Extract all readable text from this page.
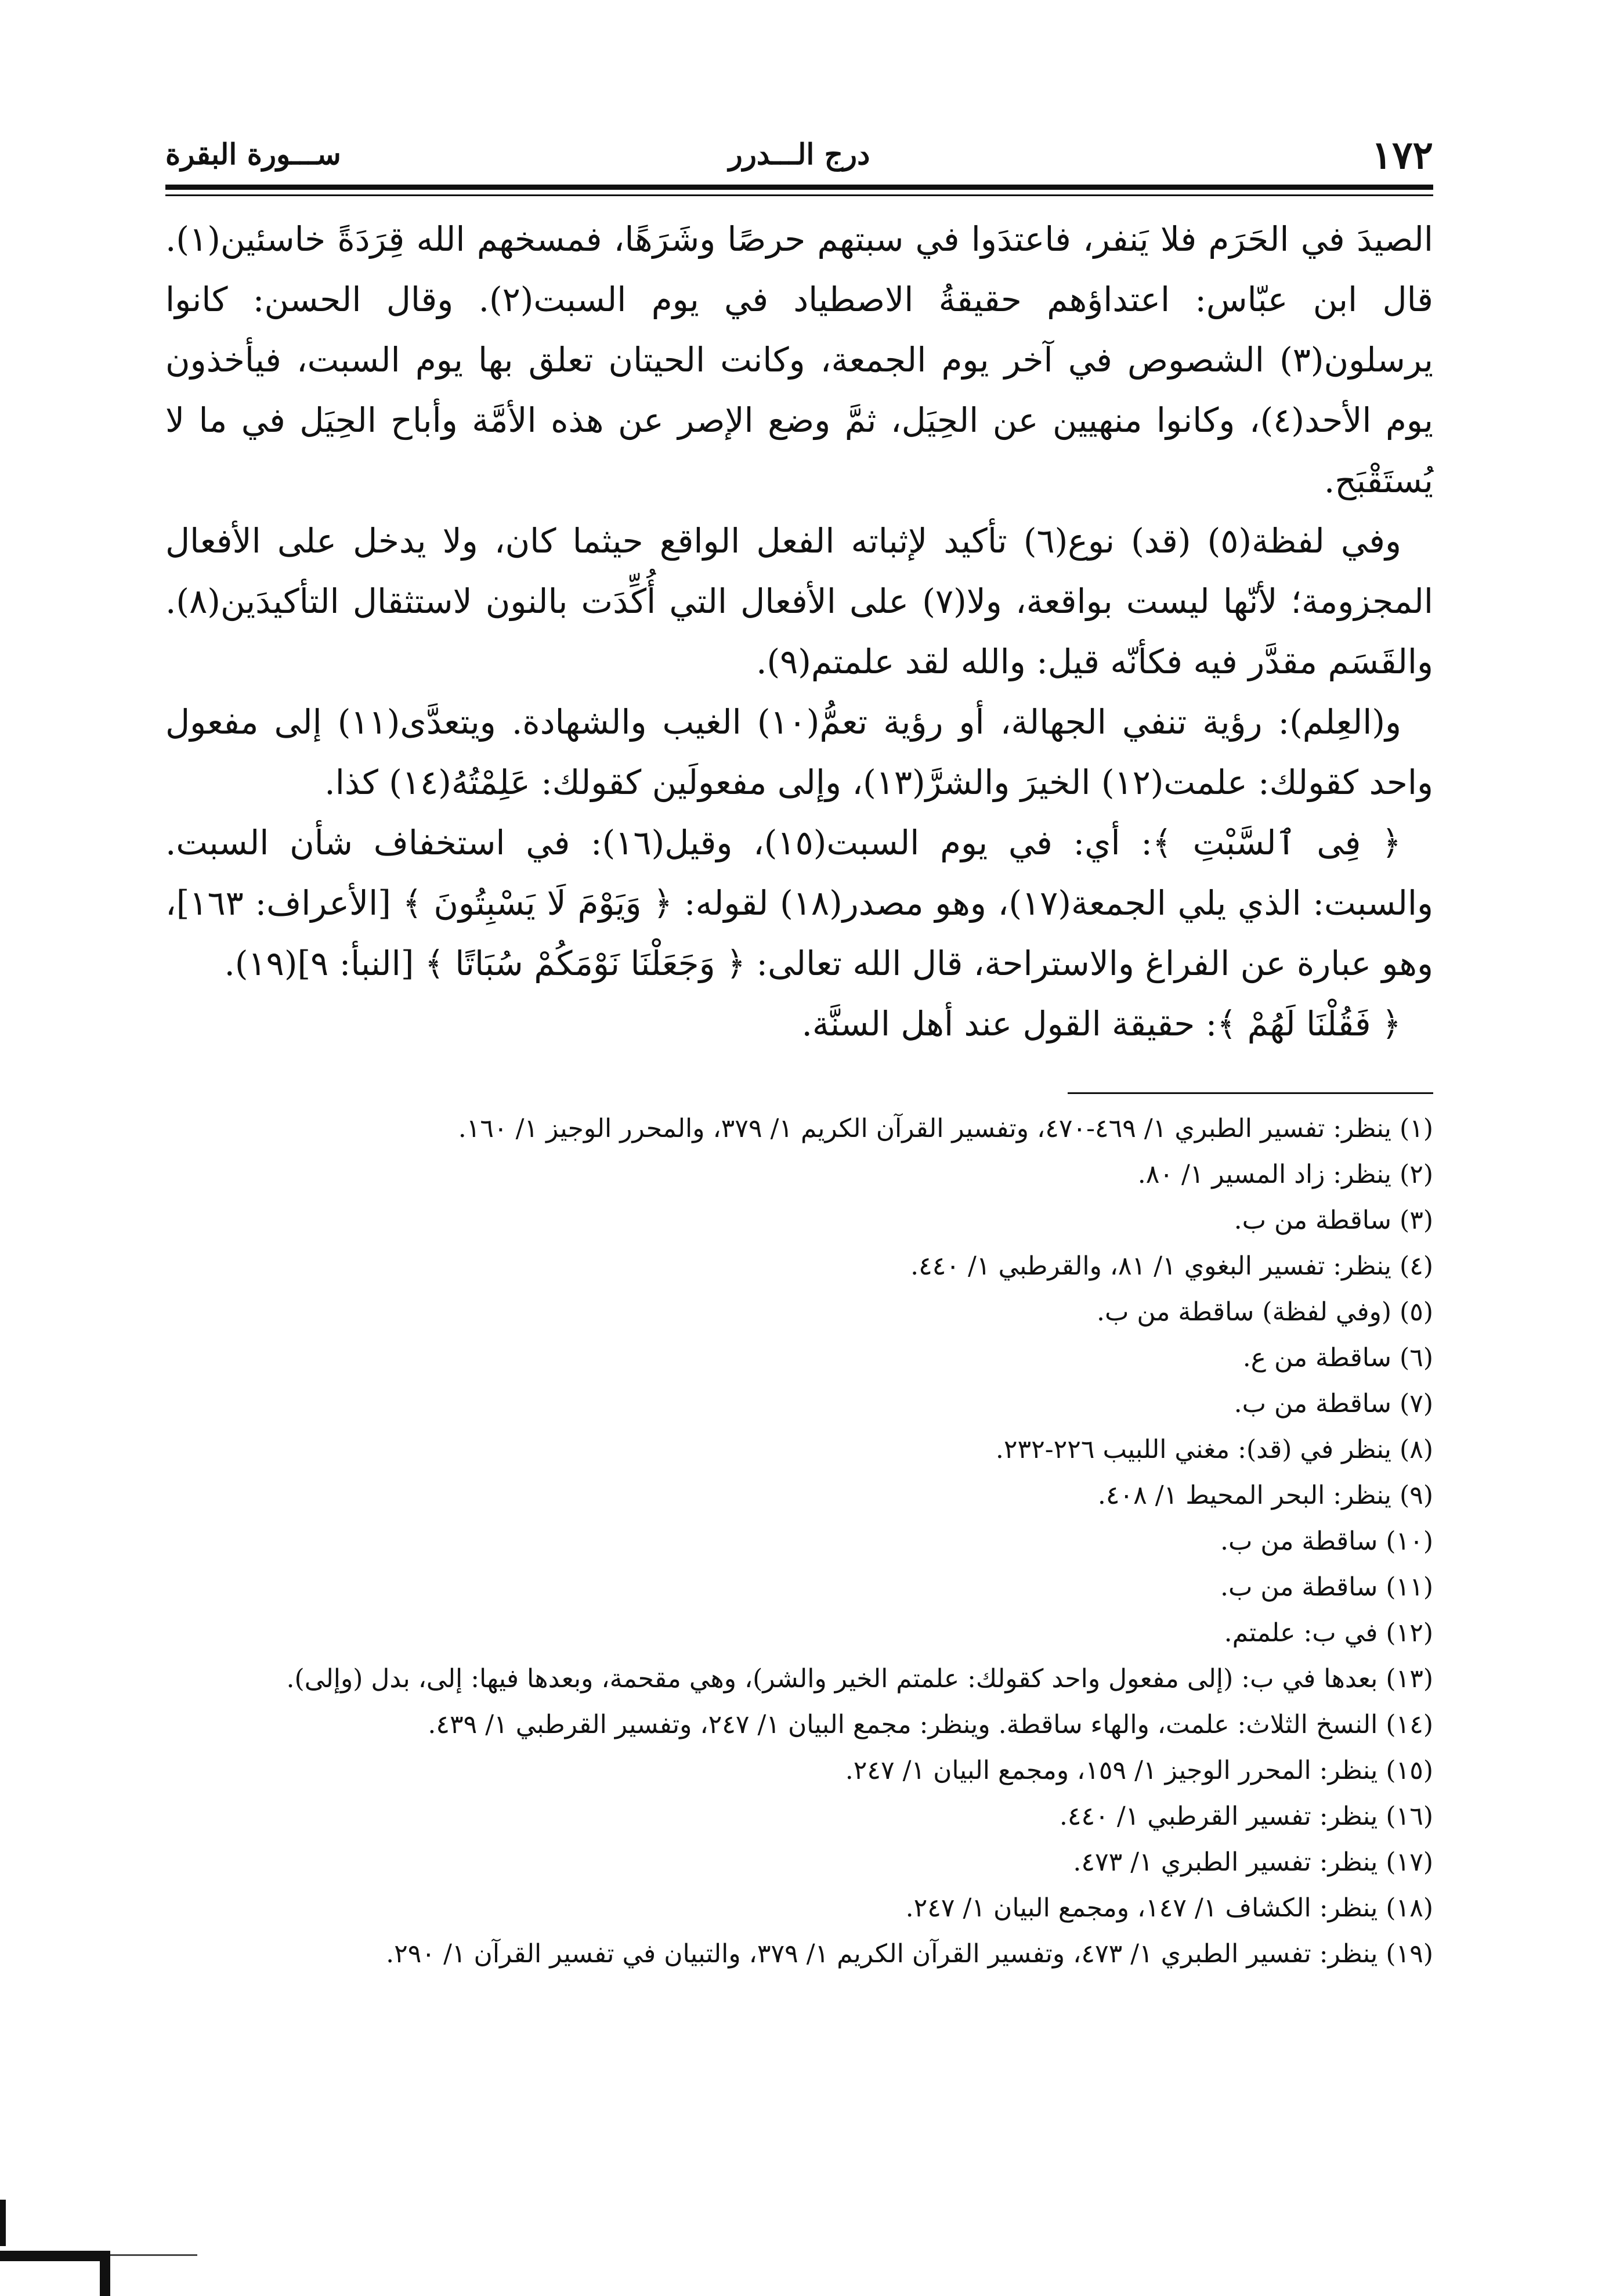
١٧٢
درج الـــدرر
ســـورة البقرة

الصيدَ في الحَرَم فلا يَنفر، فاعتدَوا في سبتهم حرصًا وشَرَهًا، فمسخهم الله قِرَدَةً خاسئين(١). قال ابن عبّاس: اعتداؤهم حقيقةُ الاصطياد في يوم السبت(٢). وقال الحسن: كانوا يرسلون(٣) الشصوص في آخر يوم الجمعة، وكانت الحيتان تعلق بها يوم السبت، فيأخذون يوم الأحد(٤)، وكانوا منهيين عن الحِيَل، ثمَّ وضع الإصر عن هذه الأمَّة وأباح الحِيَل في ما لا يُستَقْبَح.

وفي لفظة(٥) (قد) نوع(٦) تأكيد لإثباته الفعل الواقع حيثما كان، ولا يدخل على الأفعال المجزومة؛ لأنّها ليست بواقعة، ولا(٧) على الأفعال التي أُكِّدَت بالنون لاستثقال التأكيدَين(٨). والقَسَم مقدَّر فيه فكأنّه قيل: والله لقد علمتم(٩).

و(العِلم): رؤية تنفي الجهالة، أو رؤية تعمُّ(١٠) الغيب والشهادة. ويتعدَّى(١١) إلى مفعول واحد كقولك: علمت(١٢) الخيرَ والشرَّ(١٣)، وإلى مفعولَين كقولك: عَلِمْتُهُ(١٤) كذا.

﴿ فِى ٱلسَّبْتِ ﴾: أي: في يوم السبت(١٥)، وقيل(١٦): في استخفاف شأن السبت. والسبت: الذي يلي الجمعة(١٧)، وهو مصدر(١٨) لقوله: ﴿ وَيَوْمَ لَا يَسْبِتُونَ ﴾ [الأعراف: ١٦٣]، وهو عبارة عن الفراغ والاستراحة، قال الله تعالى: ﴿ وَجَعَلْنَا نَوْمَكُمْ سُبَاتًا ﴾ [النبأ: ٩](١٩).

﴿ فَقُلْنَا لَهُمْ ﴾: حقيقة القول عند أهل السنَّة.

(١) ينظر: تفسير الطبري ١/ ٤٦٩-٤٧٠، وتفسير القرآن الكريم ١/ ٣٧٩، والمحرر الوجيز ١/ ١٦٠.
(٢) ينظر: زاد المسير ١/ ٨٠.
(٣) ساقطة من ب.
(٤) ينظر: تفسير البغوي ١/ ٨١، والقرطبي ١/ ٤٤٠.
(٥) (وفي لفظة) ساقطة من ب.
(٦) ساقطة من ع.
(٧) ساقطة من ب.
(٨) ينظر في (قد): مغني اللبيب ٢٢٦-٢٣٢.
(٩) ينظر: البحر المحيط ١/ ٤٠٨.
(١٠) ساقطة من ب.
(١١) ساقطة من ب.
(١٢) في ب: علمتم.
(١٣) بعدها في ب: (إلى مفعول واحد كقولك: علمتم الخير والشر)، وهي مقحمة، وبعدها فيها: إلى، بدل (وإلى).
(١٤) النسخ الثلاث: علمت، والهاء ساقطة. وينظر: مجمع البيان ١/ ٢٤٧، وتفسير القرطبي ١/ ٤٣٩.
(١٥) ينظر: المحرر الوجيز ١/ ١٥٩، ومجمع البيان ١/ ٢٤٧.
(١٦) ينظر: تفسير القرطبي ١/ ٤٤٠.
(١٧) ينظر: تفسير الطبري ١/ ٤٧٣.
(١٨) ينظر: الكشاف ١/ ١٤٧، ومجمع البيان ١/ ٢٤٧.
(١٩) ينظر: تفسير الطبري ١/ ٤٧٣، وتفسير القرآن الكريم ١/ ٣٧٩، والتبيان في تفسير القرآن ١/ ٢٩٠.
